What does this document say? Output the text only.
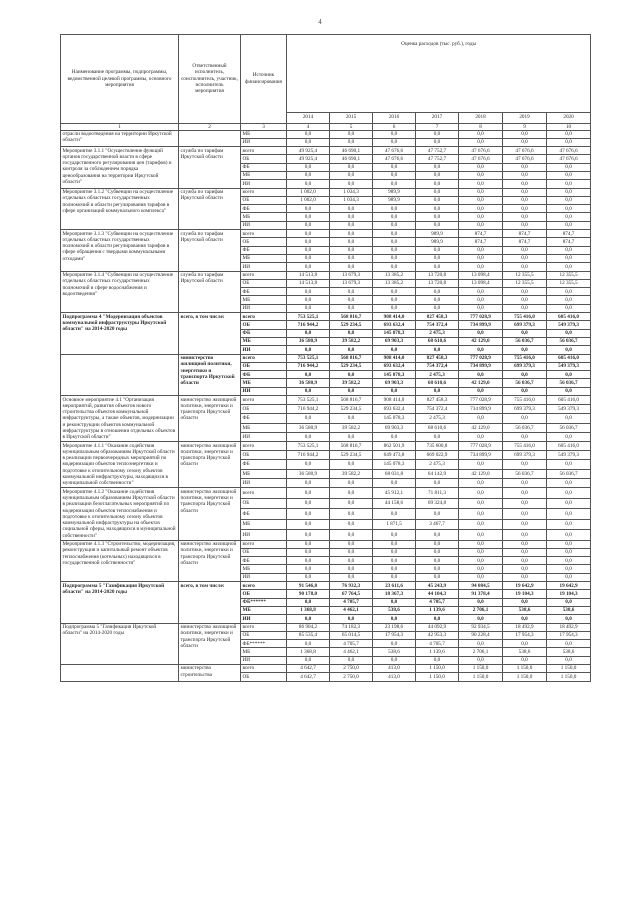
4
Наименование программы, подпрограммы, ведомственной целевой программы, основного мероприятия	Ответственный исполнитель, соисполнитель, участник, исполнитель мероприятия	Источник финансирования	Оценка расходов (тыс. руб.), годы						
			2014	2015	2016	2017	2018	2019	2020
1	2	3	4	5	6	7	8	9	10
отрасли водоотведения на территории Иркутской области"		МБ	0,0	0,0	0,0	0,0	0,0	0,0	0,0
		ИИ	0,0	0,0	0,0	0,0	0,0	0,0	0,0
Мероприятие 3.1.1 "Осуществление функций органов государственной власти в сфере государственного регулирования цен (тарифов) и контроля за соблюдением порядка ценообразования на территории Иркутской области"	служба по тарифам Иркутской области	всего	49 925,4	46 690,1	47 676,6	47 752,7	47 676,6	47 676,6	47 676,6
		ОБ	49 925,4	46 690,1	47 676,6	47 752,7	47 676,6	47 676,6	47 676,6
		ФБ	0,0	0,0	0,0	0,0	0,0	0,0	0,0
		МБ	0,0	0,0	0,0	0,0	0,0	0,0	0,0
		ИИ	0,0	0,0	0,0	0,0	0,0	0,0	0,0
Мероприятие 3.1.2 "Субвенции на осуществление отдельных областных государственных полномочий в области регулирования тарифов в сфере организаций коммунального комплекса"	служба по тарифам Иркутской области	всего	1 002,0	1 034,3	989,9	0,0	0,0	0,0	0,0
		ОБ	1 002,0	1 034,3	989,9	0,0	0,0	0,0	0,0
		ФБ	0,0	0,0	0,0	0,0	0,0	0,0	0,0
		МБ	0,0	0,0	0,0	0,0	0,0	0,0	0,0
		ИИ	0,0	0,0	0,0	0,0	0,0	0,0	0,0
Мероприятие 3.1.3 "Субвенции на осуществление отдельных областных государственных полномочий в области регулирования тарифов в сфере обращения с твердыми коммунальными отходами"	служба по тарифам Иркутской области	всего	0,0	0,0	0,0	989,9	874,7	874,7	874,7
		ОБ	0,0	0,0	0,0	989,9	874,7	874,7	874,7
		ФБ	0,0	0,0	0,0	0,0	0,0	0,0	0,0
		МБ	0,0	0,0	0,0	0,0	0,0	0,0	0,0
		ИИ	0,0	0,0	0,0	0,0	0,0	0,0	0,0
Мероприятие 3.1.4 "Субвенции на осуществление отдельных областных государственных полномочий в сфере водоснабжения и водоотведения"	служба по тарифам Иркутской области	всего	14 513,8	13 679,3	13 385,2	13 720,8	13 098,4	12 355,5	12 355,5
		ОБ	14 513,8	13 679,3	13 385,2	13 720,8	13 098,4	12 355,5	12 355,5
		ФБ	0,0	0,0	0,0	0,0	0,0	0,0	0,0
		МБ	0,0	0,0	0,0	0,0	0,0	0,0	0,0
		ИИ	0,0	0,0	0,0	0,0	0,0	0,0	0,0
Подпрограмма 4 "Модернизация объектов коммунальной инфраструктуры Иркутской области" на 2014-2020 годы	всего, в том числе:	всего	753 525,1	568 816,7	908 414,0	827 458,3	777 028,9	755 416,0	605 416,0
		ОБ	716 944,2	529 234,5	693 632,4	754 372,4	734 899,9	699 379,3	549 379,3
		ФБ	0,0	0,0	145 078,3	2 475,3	0,0	0,0	0,0
		МБ	36 580,9	39 582,2	69 903,3	68 610,6	42 129,0	56 036,7	56 036,7
		ИИ	0,0	0,0	0,0	0,0	0,0	0,0	0,0
	министерство жилищной политики, энергетики и транспорта Иркутской области	всего	753 525,1	568 816,7	908 414,0	827 458,3	777 028,9	755 416,0	605 416,0
		ОБ	716 944,2	529 234,5	693 632,4	754 372,4	734 899,9	699 379,3	549 379,3
		ФБ	0,0	0,0	145 078,3	2 475,3	0,0	0,0	0,0
		МБ	36 580,9	39 582,2	69 903,3	68 610,6	42 129,0	56 036,7	56 036,7
		ИИ	0,0	0,0	0,0	0,0	0,0	0,0	0,0
Основное мероприятие 4.1 "Организация мероприятий, развития объектов нового строительства объектов коммунальной инфраструктуры, а также объектов, модернизации и реконструкции объектов коммунальной инфраструктуры в отношении отдельных объектов в Иркутской области"	министерство жилищной политики, энергетики и транспорта Иркутской области	всего	753 525,1	568 816,7	908 414,0	827 458,3	777 028,9	755 416,0	605 416,0
		ОБ	716 944,2	529 234,5	693 632,4	754 372,4	734 899,9	699 379,3	549 379,3
		ФБ	0,0	0,0	145 078,3	2 475,3	0,0	0,0	0,0
		МБ	36 580,9	39 582,2	69 903,3	68 610,6	42 129,0	56 036,7	56 036,7
		ИИ	0,0	0,0	0,0	0,0	0,0	0,0	0,0
Мероприятие 4.1.1 "Оказание содействия муниципальным образованиям Иркутской области в реализации первоочередных мероприятий по модернизации объектов теплоэнергетики и подготовке к отопительному сезону объектов коммунальной инфраструктуры, находящихся в муниципальной собственности"	министерство жилищной политики, энергетики и транспорта Иркутской области	всего	753 525,1	568 816,7	862 501,9	735 600,8	777 028,9	755 416,0	605 416,0
		ОБ	716 944,2	529 234,5	649 473,8	669 022,9	734 899,9	699 379,3	549 379,3
		ФБ	0,0	0,0	145 078,3	2 475,3	0,0	0,0	0,0
		МБ	36 580,9	39 582,2	68 031,8	64 142,9	42 129,0	56 036,7	56 036,7
		ИИ	0,0	0,0	0,0	0,0	0,0	0,0	0,0
Мероприятие 4.1.2 "Оказание содействия муниципальным образованиям Иркутской области в реализации безотлагательных мероприятий по модернизации объектов теплоснабжения и подготовке к отопительному сезону объектов коммунальной инфраструктуры на объектах социальной сферы, находящихся в муниципальной собственности"	министерство жилищной политики, энергетики и транспорта Иркутской области	всего	0,0	0,0	45 912,1	71 811,3	0,0	0,0	0,0
		ОБ	0,0	0,0	44 158,6	69 324,8	0,0	0,0	0,0
		ФБ	0,0	0,0	0,0	0,0	0,0	0,0	0,0
		МБ	0,0	0,0	1 871,5	3 467,7	0,0	0,0	0,0
		ИИ	0,0	0,0	0,0	0,0	0,0	0,0	0,0
Мероприятие 4.1.3 "Строительство, модернизация, реконструкция и капитальный ремонт объектов теплоснабжения (котельных) находящихся в государственной собственности"	министерство жилищной политики, энергетики и транспорта Иркутской области	всего	0,0	0,0	0,0	0,0	0,0	0,0	0,0
		ОБ	0,0	0,0	0,0	0,0	0,0	0,0	0,0
		ФБ	0,0	0,0	0,0	0,0	0,0	0,0	0,0
		МБ	0,0	0,0	0,0	0,0	0,0	0,0	0,0
		ИИ	0,0	0,0	0,0	0,0	0,0	0,0	0,0
Подпрограмма 5 "Газификация Иркутской области" на 2014-2020 годы	всего, в том числе:	всего	91 546,8	76 932,3	23 611,6	45 243,9	94 084,5	19 642,9	19 642,9
		ОБ	90 178,0	67 764,5	18 367,3	44 104,3	91 378,4	19 104,3	19 104,3
		ФБ******	0,0	4 705,7	0,0	4 705,7	0,0	0,0	0,0
		МБ	1 368,8	4 462,1	538,6	1 139,6	2 706,1	538,6	538,6
		ИИ	0,0	0,0	0,0	0,0	0,0	0,0	0,0
Подпрограмма 5 "Газификация Иркутской области" на 2014-2020 годы	министерство жилищной политики, энергетики и транспорта Иркутской области	всего	86 904,2	74 182,3	23 198,6	44 092,9	92 934,5	18 492,9	18 492,9
		ОБ	85 535,4	65 014,5	17 954,3	42 953,3	90 228,4	17 954,3	17 954,3
		ФБ******	0,0	4 705,7	0,0	4 705,7	0,0	0,0	0,0
		МБ	1 368,8	4 462,1	538,6	1 139,6	2 706,1	538,6	538,6
		ИИ	0,0	0,0	0,0	0,0	0,0	0,0	0,0
	министерство строительства	всего	4 642,7	2 750,0	413,0	1 150,0	1 150,0	1 150,0	1 150,0
		ОБ	4 642,7	2 750,0	413,0	1 150,0	1 150,0	1 150,0	1 150,0
